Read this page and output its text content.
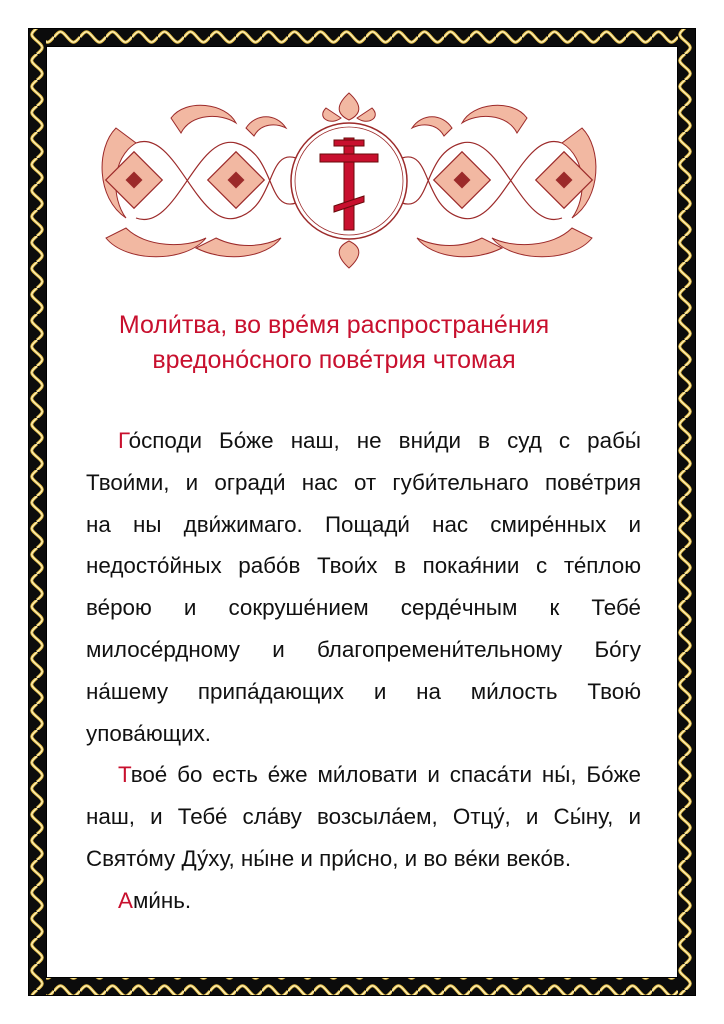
Моли́тва, во вре́мя распростране́ния
вредоно́сного пове́трия чтомая
Го́споди Бо́же наш, не вни́ди в суд с рабы́
Твои́ми, и огради́ нас от губи́тельнаго пове́трия
на ны дви́жимаго. Пощади́ нас смире́нных и
недосто́йных рабо́в Твои́х в покая́нии с те́плою
ве́рою и сокруше́нием серде́чным к Тебе́
милосе́рдному и благопремени́тельному Бо́гу
на́шему припа́дающих и на ми́лость Твою́
упова́ющих.
Твое́ бо есть е́же ми́ловати и спаса́ти ны́, Бо́же
наш, и Тебе́ сла́ву возсыла́ем, Отцу́, и Сы́ну, и
Свято́му Ду́ху, ны́не и при́сно, и во ве́ки веко́в.
Ами́нь.
